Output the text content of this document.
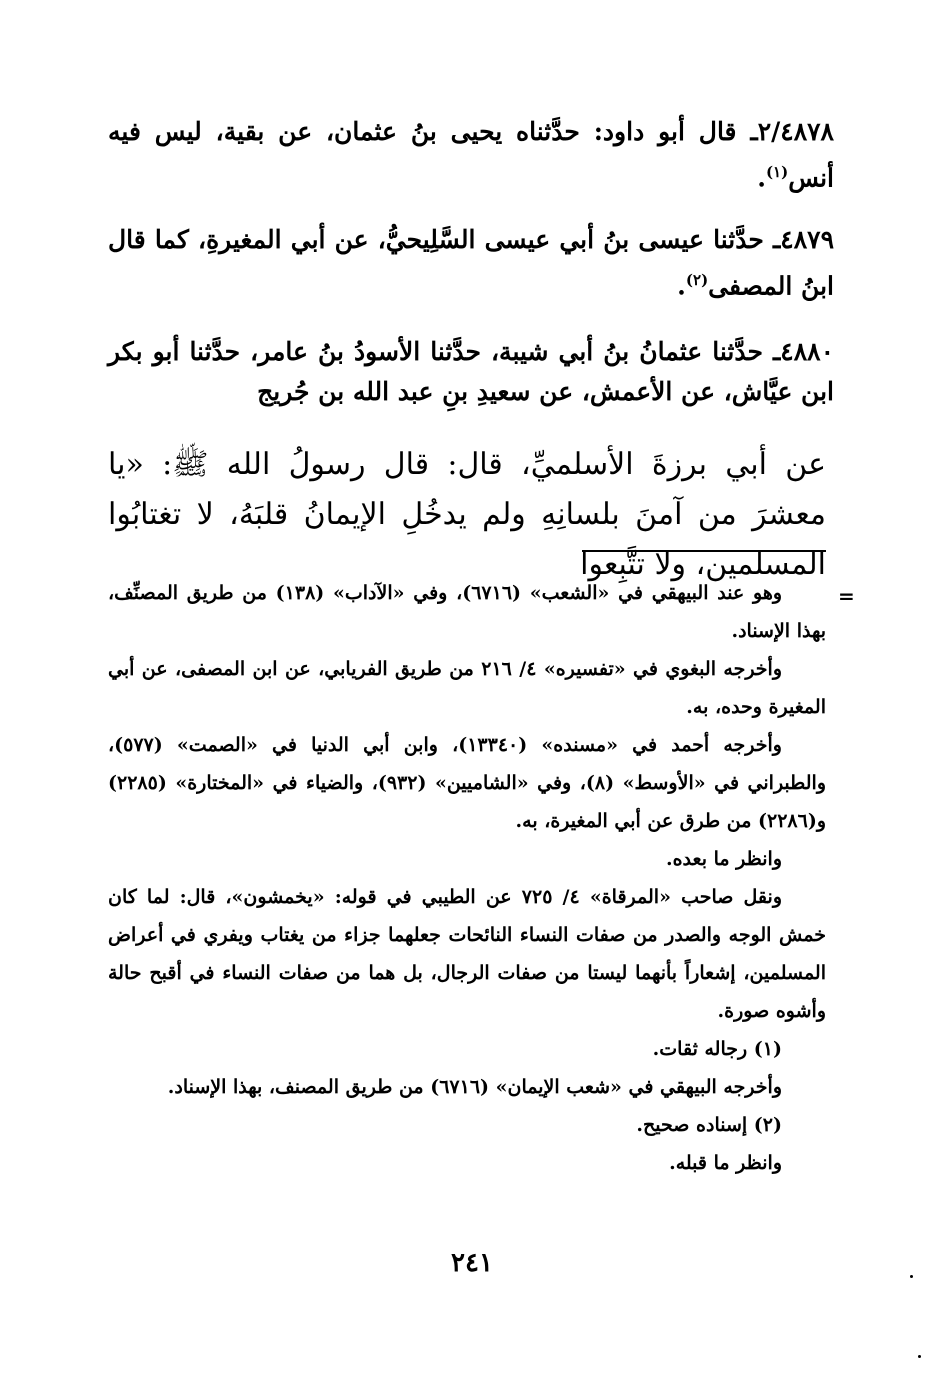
٢/٤٨٧٨ـ قال أبو داود: حدَّثناه يحيى بنُ عثمان، عن بقية، ليس فيه أنس$^{(١)}$.
٤٨٧٩ـ حدَّثنا عيسى بنُ أبي عيسى السَّلِيحيُّ، عن أبي المغيرةِ، كما قال ابنُ المصفى$^{(٢)}$.
٤٨٨٠ـ حدَّثنا عثمانُ بنُ أبي شيبة، حدَّثنا الأسودُ بنُ عامر، حدَّثنا أبو بكر ابن عيَّاش، عن الأعمش، عن سعيدِ بنِ عبد الله بن جُريج
عن أبي برزةَ الأسلميِّ، قال: قال رسولُ الله ﷺ: «يا معشرَ من آمنَ بلسانِهِ ولم يدخُلِ الإيمانُ قلبَهُ، لا تغتابُوا المسلمين، ولا تتَّبِعوا
=

وهو عند البيهقي في «الشعب» (٦٧١٦)، وفي «الآداب» (١٣٨) من طريق المصنِّف، بهذا الإسناد.

وأخرجه البغوي في «تفسيره» ٤/ ٢١٦ من طريق الفريابي، عن ابن المصفى، عن أبي المغيرة وحده، به.

وأخرجه أحمد في «مسنده» (١٣٣٤٠)، وابن أبي الدنيا في «الصمت» (٥٧٧)، والطبراني في «الأوسط» (٨)، وفي «الشاميين» (٩٣٢)، والضياء في «المختارة» (٢٢٨٥) و(٢٢٨٦) من طرق عن أبي المغيرة، به.

وانظر ما بعده.

ونقل صاحب «المرقاة» ٤/ ٧٢٥ عن الطيبي في قوله: «يخمشون»، قال: لما كان خمش الوجه والصدر من صفات النساء النائحات جعلهما جزاء من يغتاب ويفري في أعراض المسلمين، إشعاراً بأنهما ليستا من صفات الرجال، بل هما من صفات النساء في أقبح حالة وأشوه صورة.

(١) رجاله ثقات.

وأخرجه البيهقي في «شعب الإيمان» (٦٧١٦) من طريق المصنف، بهذا الإسناد.

(٢) إسناده صحيح.

وانظر ما قبله.

٢٤١
